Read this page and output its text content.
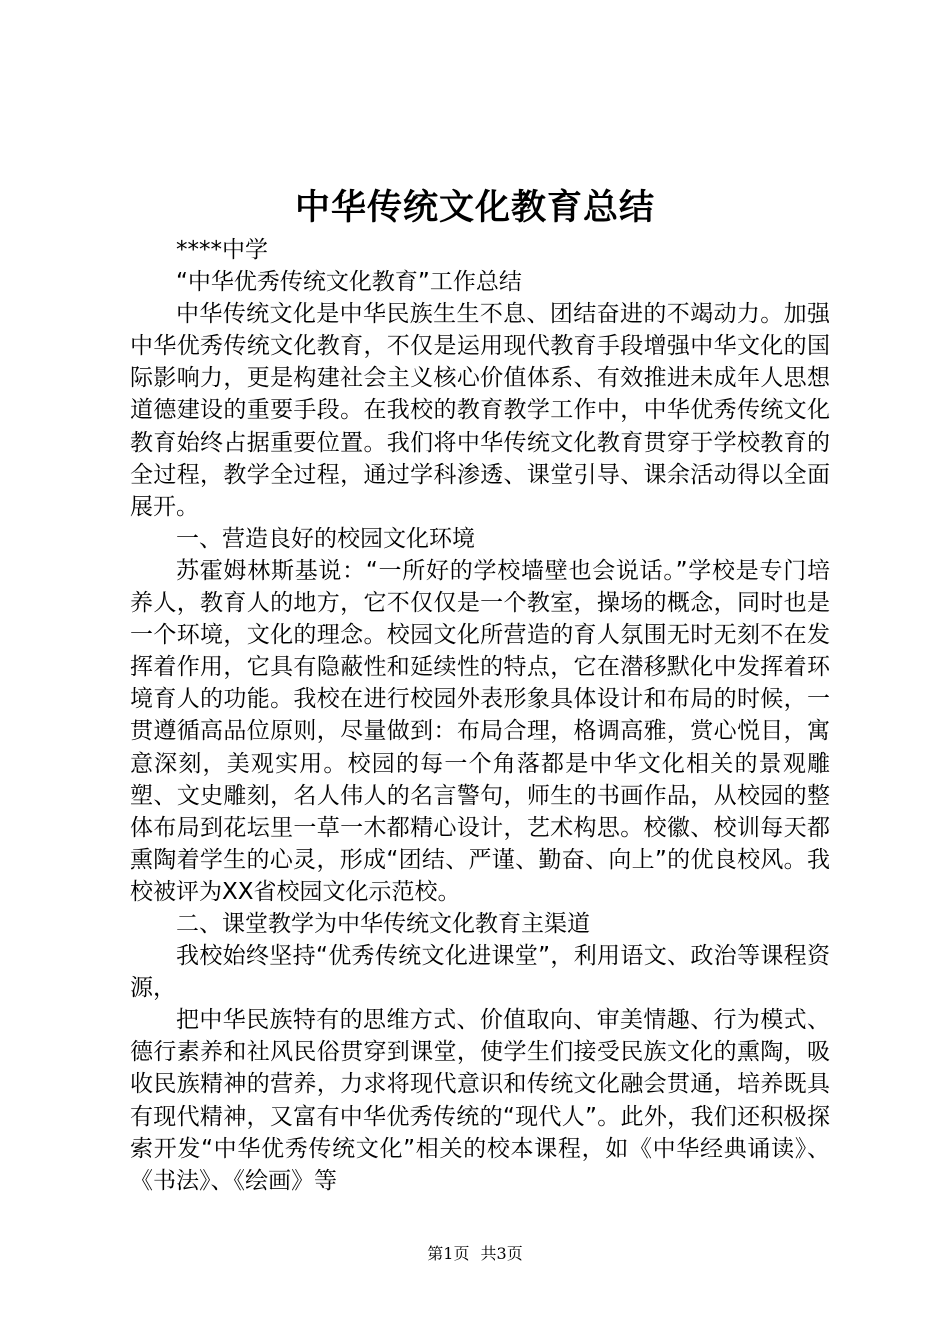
中华传统文化教育总结

****中学

“中华优秀传统文化教育”工作总结

中华传统文化是中华民族生生不息、团结奋进的不竭动力。加强中华优秀传统文化教育，不仅是运用现代教育手段增强中华文化的国际影响力，更是构建社会主义核心价值体系、有效推进未成年人思想道德建设的重要手段。在我校的教育教学工作中，中华优秀传统文化教育始终占据重要位置。我们将中华传统文化教育贯穿于学校教育的全过程，教学全过程，通过学科渗透、课堂引导、课余活动得以全面展开。

一、营造良好的校园文化环境

苏霍姆林斯基说：“一所好的学校墙壁也会说话。”学校是专门培养人，教育人的地方，它不仅仅是一个教室，操场的概念，同时也是一个环境，文化的理念。校园文化所营造的育人氛围无时无刻不在发挥着作用，它具有隐蔽性和延续性的特点，它在潜移默化中发挥着环境育人的功能。我校在进行校园外表形象具体设计和布局的时候，一贯遵循高品位原则，尽量做到：布局合理，格调高雅，赏心悦目，寓意深刻，美观实用。校园的每一个角落都是中华文化相关的景观雕塑、文史雕刻，名人伟人的名言警句，师生的书画作品，从校园的整体布局到花坛里一草一木都精心设计，艺术构思。校徽、校训每天都熏陶着学生的心灵，形成“团结、严谨、勤奋、向上”的优良校风。我校被评为XX省校园文化示范校。

二、课堂教学为中华传统文化教育主渠道

我校始终坚持“优秀传统文化进课堂”，利用语文、政治等课程资源，

把中华民族特有的思维方式、价值取向、审美情趣、行为模式、德行素养和社风民俗贯穿到课堂，使学生们接受民族文化的熏陶，吸收民族精神的营养，力求将现代意识和传统文化融会贯通，培养既具有现代精神，又富有中华优秀传统的“现代人”。此外，我们还积极探索开发“中华优秀传统文化”相关的校本课程，如《中华经典诵读》、《书法》、《绘画》等

第1页 共3页
